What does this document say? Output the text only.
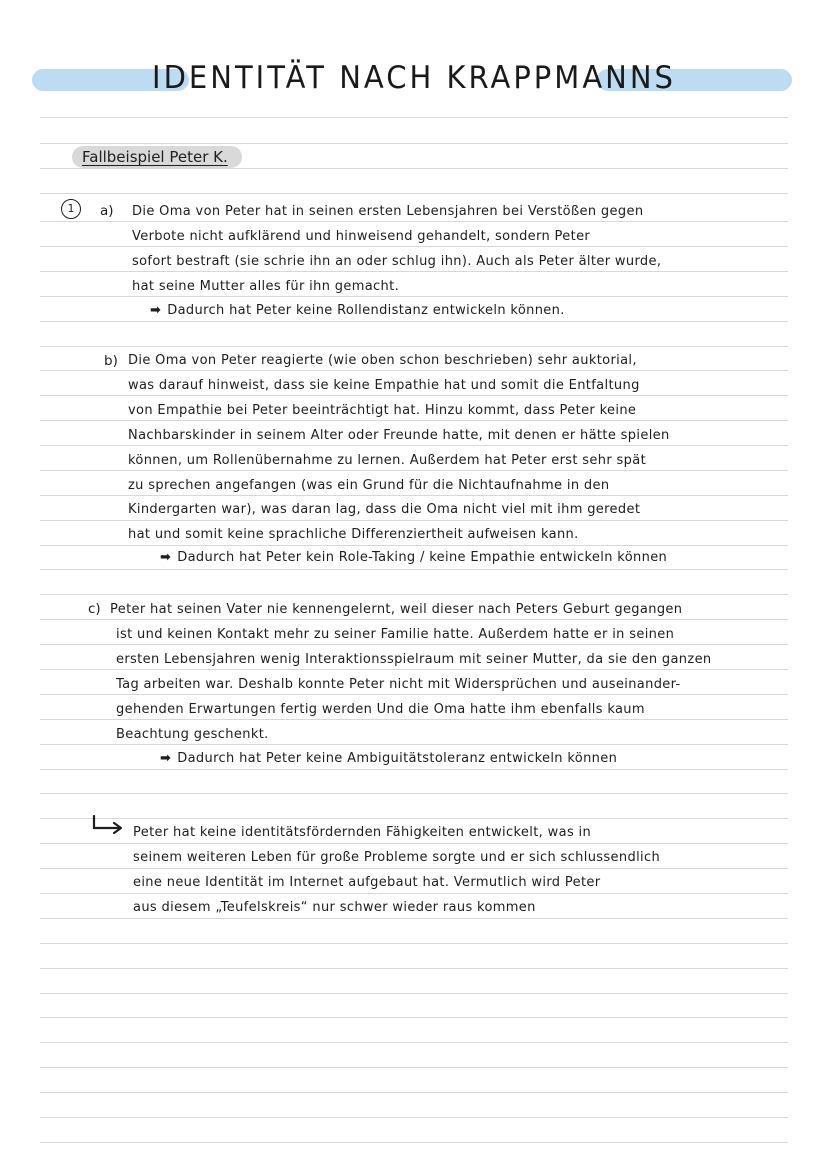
IDENTITÄT NACH KRAPPMANNS
Fallbeispiel Peter K.
1	a) Die Oma von Peter hat in seinen ersten Lebensjahren bei Verstößen gegen
Verbote nicht aufklärend und hinweisend gehandelt, sondern Peter
sofort bestraft (sie schrie ihn an oder schlug ihn). Auch als Peter älter wurde,
hat seine Mutter alles für ihn gemacht.
➡ Dadurch hat Peter keine Rollendistanz entwickeln können.
b) Die Oma von Peter reagierte (wie oben schon beschrieben) sehr auktorial,
was darauf hinweist, dass sie keine Empathie hat und somit die Entfaltung
von Empathie bei Peter beeinträchtigt hat. Hinzu kommt, dass Peter keine
Nachbarskinder in seinem Alter oder Freunde hatte, mit denen er hätte spielen
können, um Rollenübernahme zu lernen. Außerdem hat Peter erst sehr spät
zu sprechen angefangen (was ein Grund für die Nichtaufnahme in den
Kindergarten war), was daran lag, dass die Oma nicht viel mit ihm geredet
hat und somit keine sprachliche Differenziertheit aufweisen kann.
➡ Dadurch hat Peter kein Role-Taking / keine Empathie entwickeln können
c) Peter hat seinen Vater nie kennengelernt, weil dieser nach Peters Geburt gegangen
ist und keinen Kontakt mehr zu seiner Familie hatte. Außerdem hatte er in seinen
ersten Lebensjahren wenig Interaktionsspielraum mit seiner Mutter, da sie den ganzen
Tag arbeiten war. Deshalb konnte Peter nicht mit Widersprüchen und auseinander-
gehenden Erwartungen fertig werden Und die Oma hatte ihm ebenfalls kaum
Beachtung geschenkt.
➡ Dadurch hat Peter keine Ambiguitätstoleranz entwickeln können
Peter hat keine identitätsfördernden Fähigkeiten entwickelt, was in
seinem weiteren Leben für große Probleme sorgte und er sich schlussendlich
eine neue Identität im Internet aufgebaut hat. Vermutlich wird Peter
aus diesem „Teufelskreis“ nur schwer wieder raus kommen
